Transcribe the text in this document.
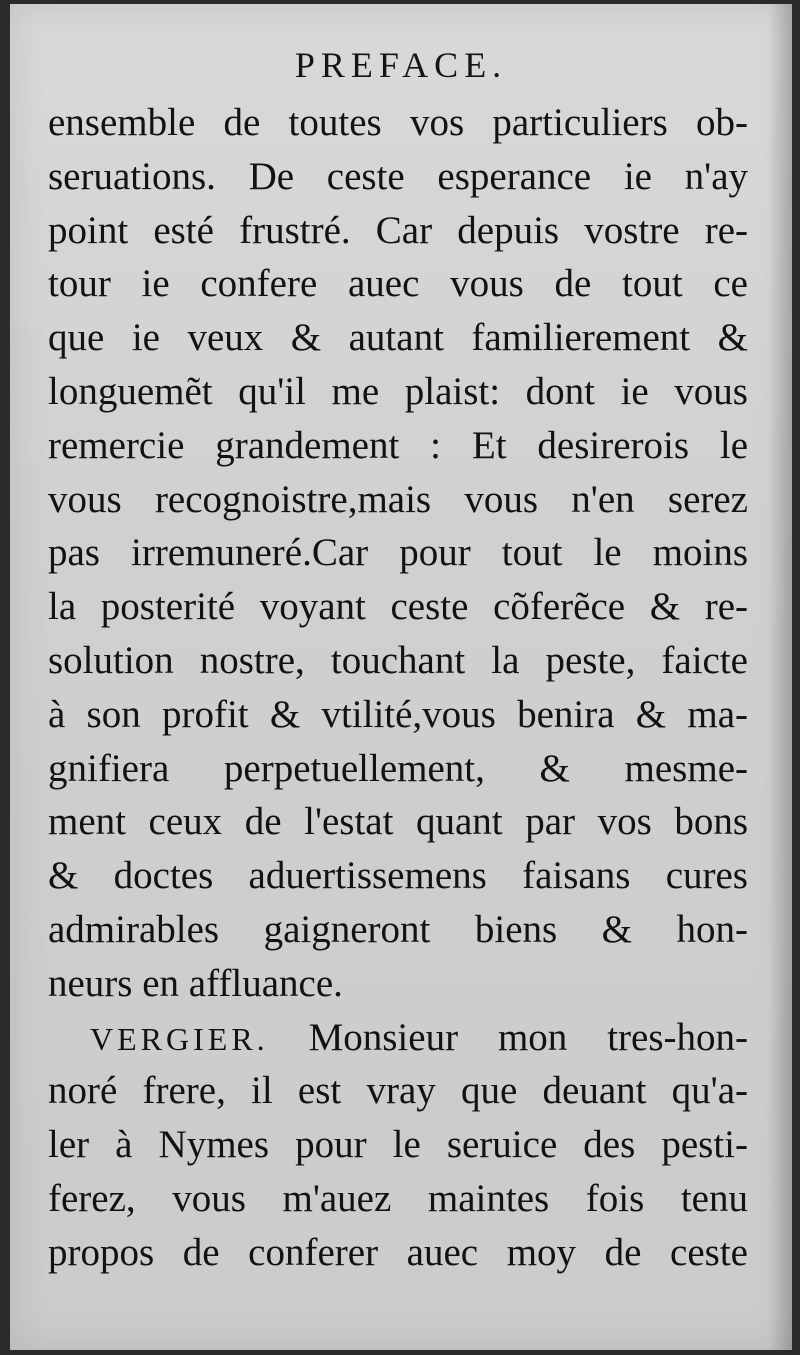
PREFACE.
ensemble de toutes vos particuliers ob-
seruations. De ceste esperance ie n'ay
point esté frustré. Car depuis vostre re-
tour ie confere auec vous de tout ce
que ie veux & autant familierement &
longuemẽt qu'il me plaist: dont ie vous
remercie grandement : Et desirerois le
vous recognoistre,mais vous n'en serez
pas irremuneré.Car pour tout le moins
la posterité voyant ceste cõferẽce & re-
solution nostre, touchant la peste, faicte
à son profit & vtilité,vous benira & ma-
gnifiera perpetuellement, & mesme-
ment ceux de l'estat quant par vos bons
& doctes aduertissemens faisans cures
admirables gaigneront biens & hon-
neurs en affluance.
VERGIER. Monsieur mon tres-hon-
noré frere, il est vray que deuant qu'a-
ler à Nymes pour le seruice des pesti-
ferez, vous m'auez maintes fois tenu
propos de conferer auec moy de ceste
